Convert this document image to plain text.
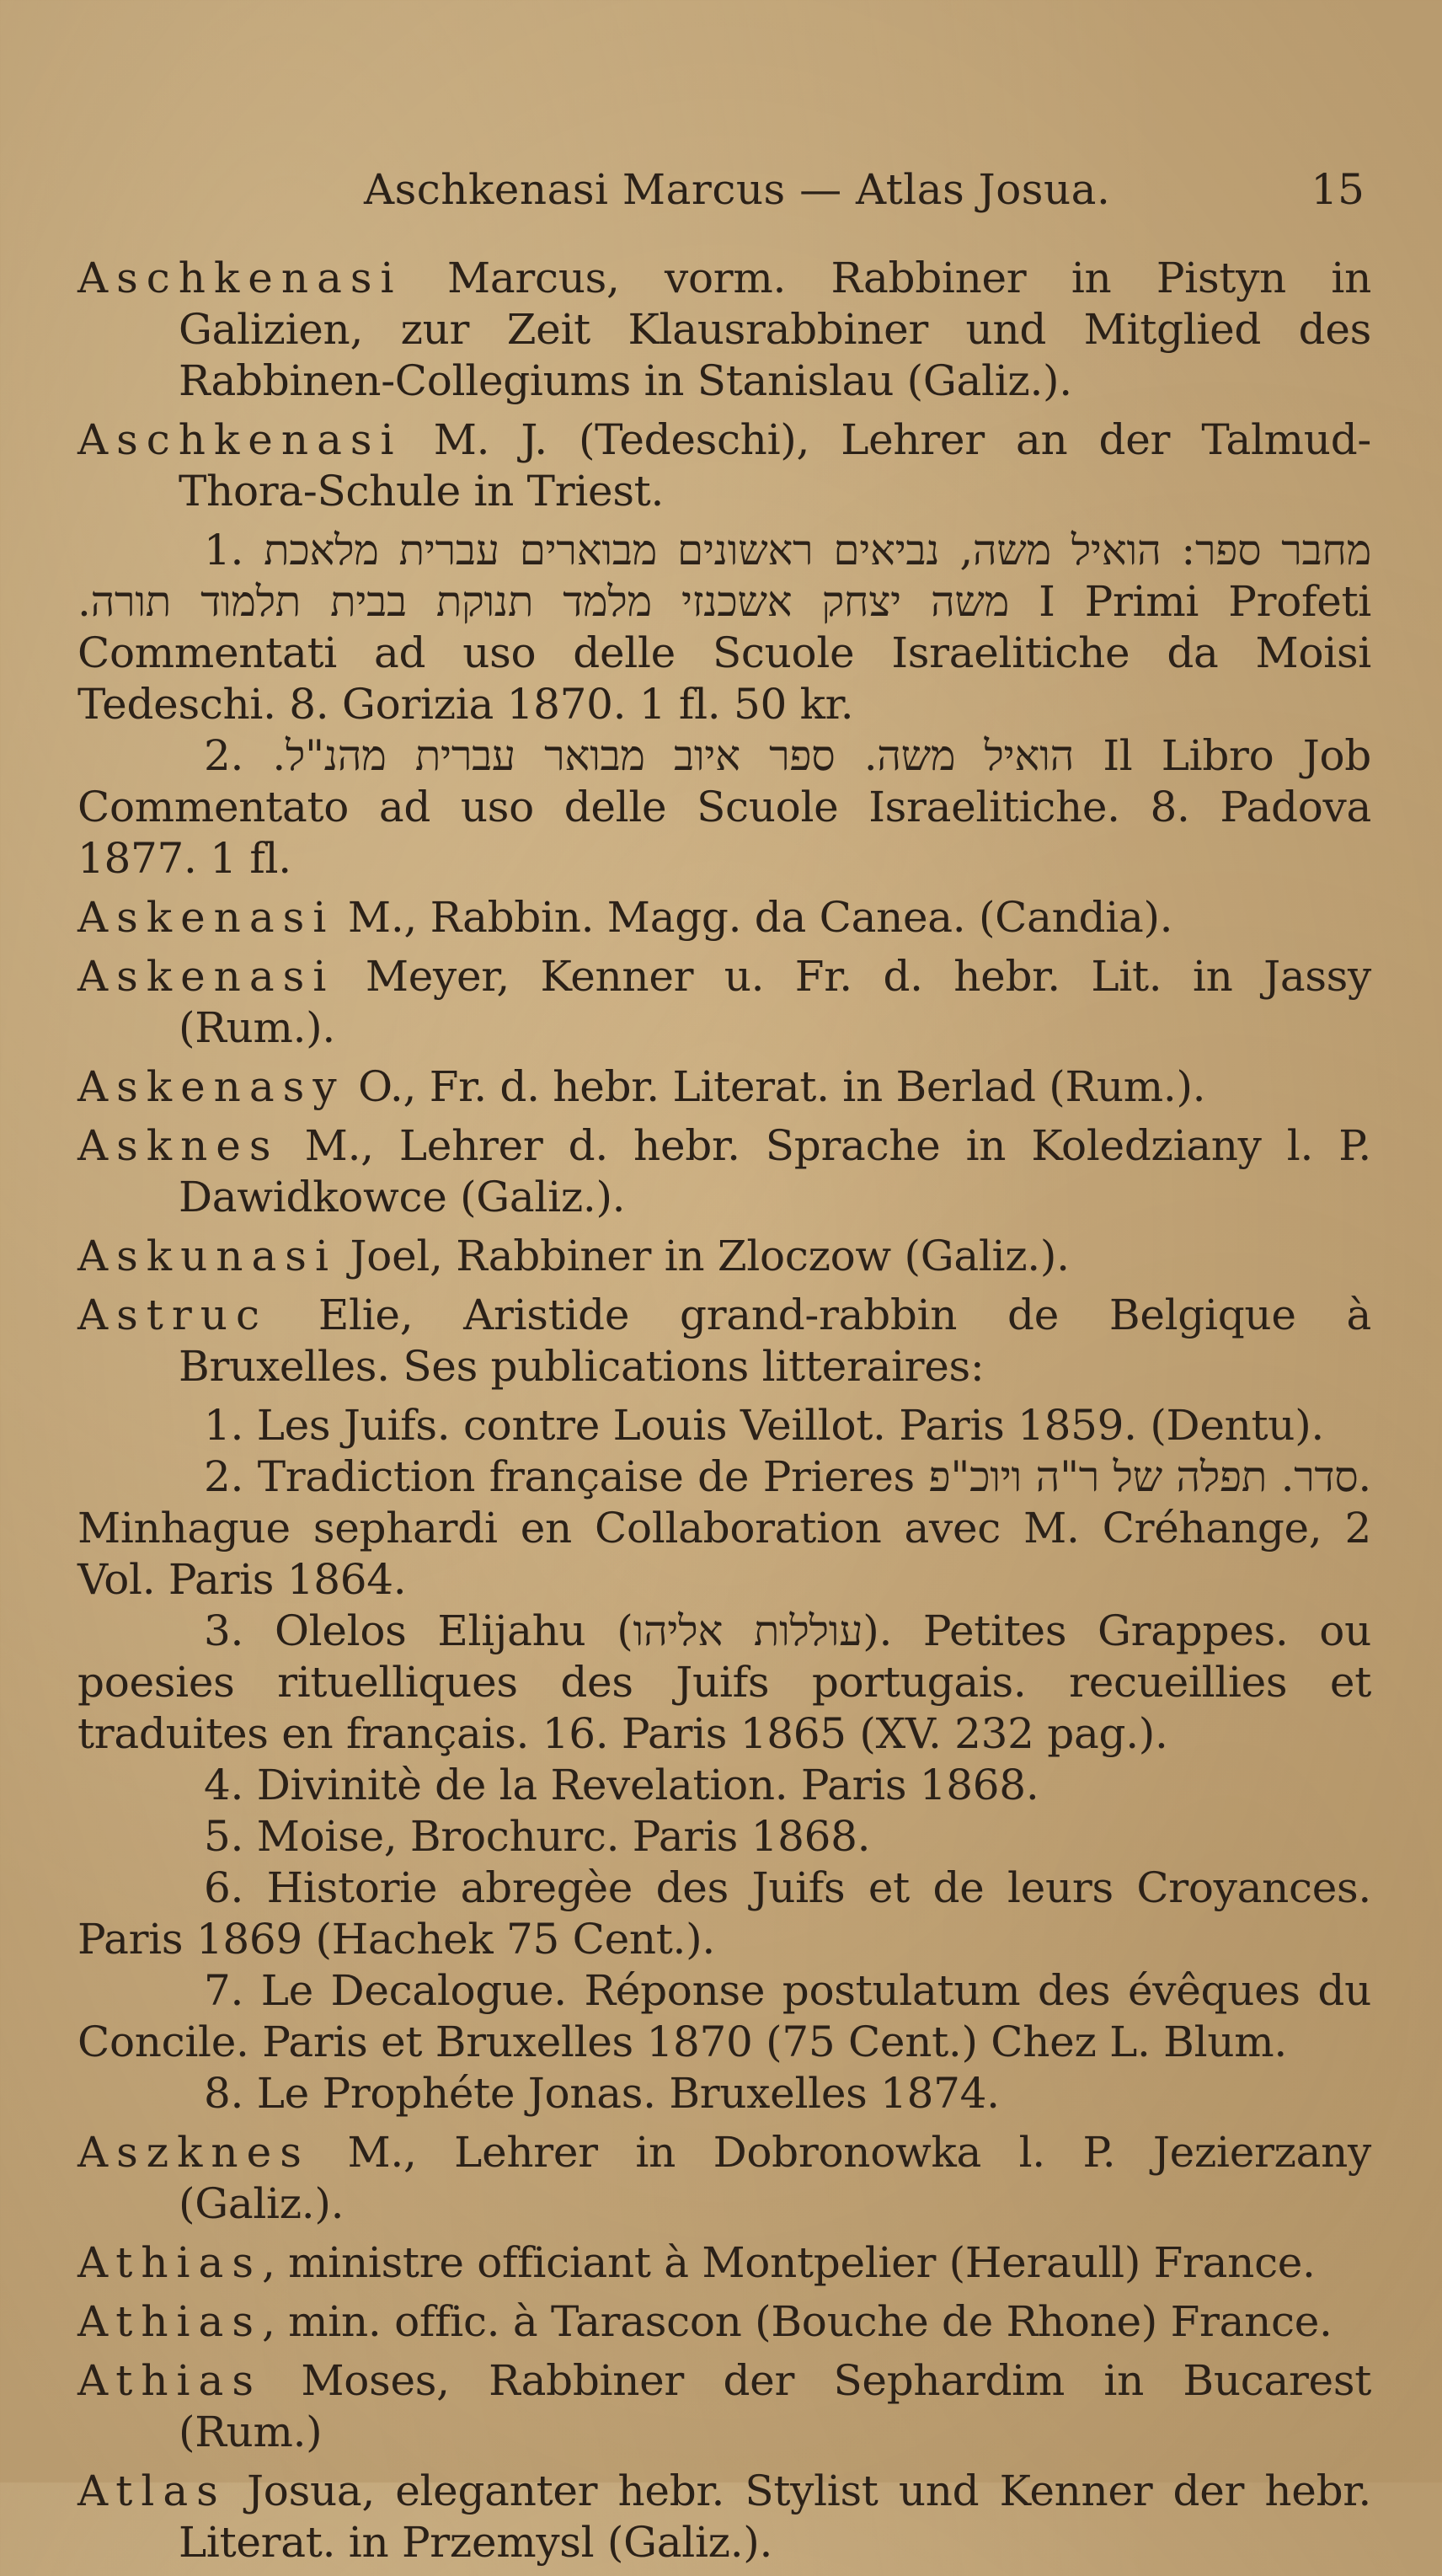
Aschkenasi Marcus — Atlas Josua.	15

Aschkenasi Marcus, vorm. Rabbiner in Pistyn in Galizien, zur Zeit Klausrabbiner und Mitglied des Rabbinen-Collegiums in Stanislau (Galiz.).

Aschkenasi M. J. (Tedeschi), Lehrer an der Talmud-Thora-Schule in Triest.

1. מחבר ספר: הואיל משה, נביאים ראשונים מבוארים עברית מלאכת משה יצחק אשכנזי מלמד תנוקת בבית תלמוד תורה. I Primi Profeti Commentati ad uso delle Scuole Israelitiche da Moisi Tedeschi. 8. Gorizia 1870. 1 fl. 50 kr.

2. הואיל משה. ספר איוב מבואר עברית מהנ"ל. Il Libro Job Commentato ad uso delle Scuole Israelitiche. 8. Padova 1877. 1 fl.

Askenasi M., Rabbin. Magg. da Canea. (Candia).

Askenasi Meyer, Kenner u. Fr. d. hebr. Lit. in Jassy (Rum.).

Askenasy O., Fr. d. hebr. Literat. in Berlad (Rum.).

Asknes M., Lehrer d. hebr. Sprache in Koledziany l. P. Dawidkowce (Galiz.).

Askunasi Joel, Rabbiner in Zloczow (Galiz.).

Astruc Elie, Aristide grand-rabbin de Belgique à Bruxelles. Ses publications litteraires:

1. Les Juifs. contre Louis Veillot. Paris 1859. (Dentu).

2. Tradiction française de Prieres סדר. תפלה של ר"ה ויוכ"פ. Minhague sephardi en Collaboration avec M. Créhange, 2 Vol. Paris 1864.

3. Olelos Elijahu (עוללות אליהו). Petites Grappes. ou poesies rituelliques des Juifs portugais. recueillies et traduites en français. 16. Paris 1865 (XV. 232 pag.).

4. Divinitè de la Revelation. Paris 1868.

5. Moise, Brochurc. Paris 1868.

6. Historie abregèe des Juifs et de leurs Croyances. Paris 1869 (Hachek 75 Cent.).

7. Le Decalogue. Réponse postulatum des évêques du Concile. Paris et Bruxelles 1870 (75 Cent.) Chez L. Blum.

8. Le Prophéte Jonas. Bruxelles 1874.

Aszknes M., Lehrer in Dobronowka l. P. Jezierzany (Galiz.).

Athias, ministre officiant à Montpelier (Heraull) France.

Athias, min. offic. à Tarascon (Bouche de Rhone) France.

Athias Moses, Rabbiner der Sephardim in Bucarest (Rum.)

Atlas Josua, eleganter hebr. Stylist und Kenner der hebr. Literat. in Przemysl (Galiz.).
